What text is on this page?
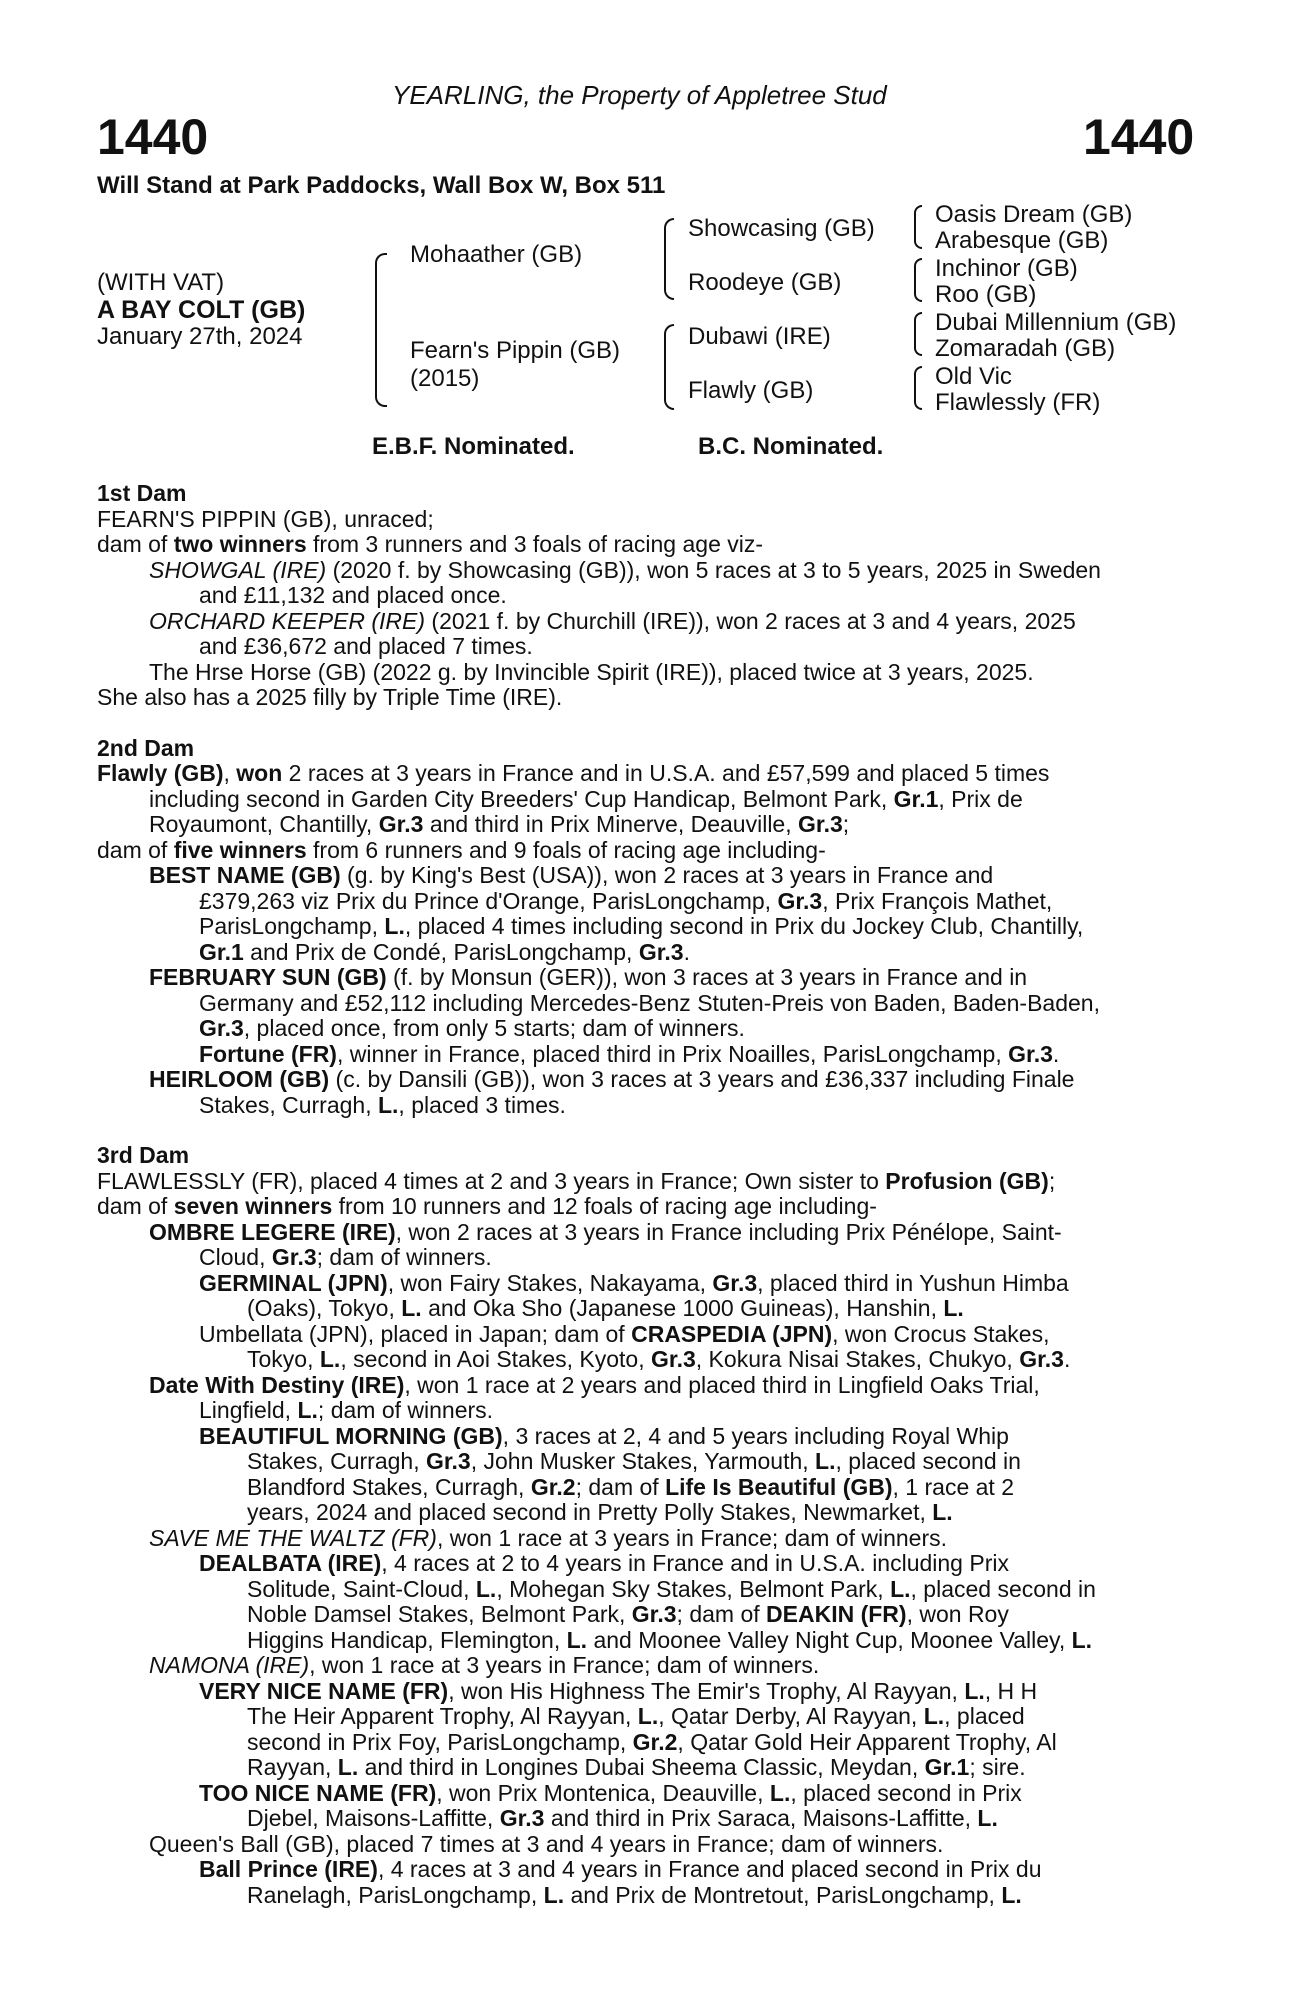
YEARLING, the Property of Appletree Stud
1440	1440
Will Stand at Park Paddocks, Wall Box W, Box 511
(WITH VAT)
A BAY COLT (GB)
January 27th, 2024
Mohaather (GB)
Fearn's Pippin (GB)
(2015)
Showcasing (GB)
Roodeye (GB)
Dubawi (IRE)
Flawly (GB)
Oasis Dream (GB)
Arabesque (GB)
Inchinor (GB)
Roo (GB)
Dubai Millennium (GB)
Zomaradah (GB)
Old Vic
Flawlessly (FR)
E.B.F. Nominated.	B.C. Nominated.
1st Dam
FEARN'S PIPPIN (GB), unraced;
dam of two winners from 3 runners and 3 foals of racing age viz-
SHOWGAL (IRE) (2020 f. by Showcasing (GB)), won 5 races at 3 to 5 years, 2025 in Sweden
and £11,132 and placed once.
ORCHARD KEEPER (IRE) (2021 f. by Churchill (IRE)), won 2 races at 3 and 4 years, 2025
and £36,672 and placed 7 times.
The Hrse Horse (GB) (2022 g. by Invincible Spirit (IRE)), placed twice at 3 years, 2025.
She also has a 2025 filly by Triple Time (IRE).
2nd Dam
Flawly (GB), won 2 races at 3 years in France and in U.S.A. and £57,599 and placed 5 times
including second in Garden City Breeders' Cup Handicap, Belmont Park, Gr.1, Prix de
Royaumont, Chantilly, Gr.3 and third in Prix Minerve, Deauville, Gr.3;
dam of five winners from 6 runners and 9 foals of racing age including-
BEST NAME (GB) (g. by King's Best (USA)), won 2 races at 3 years in France and
£379,263 viz Prix du Prince d'Orange, ParisLongchamp, Gr.3, Prix François Mathet,
ParisLongchamp, L., placed 4 times including second in Prix du Jockey Club, Chantilly,
Gr.1 and Prix de Condé, ParisLongchamp, Gr.3.
FEBRUARY SUN (GB) (f. by Monsun (GER)), won 3 races at 3 years in France and in
Germany and £52,112 including Mercedes-Benz Stuten-Preis von Baden, Baden-Baden,
Gr.3, placed once, from only 5 starts; dam of winners.
Fortune (FR), winner in France, placed third in Prix Noailles, ParisLongchamp, Gr.3.
HEIRLOOM (GB) (c. by Dansili (GB)), won 3 races at 3 years and £36,337 including Finale
Stakes, Curragh, L., placed 3 times.
3rd Dam
FLAWLESSLY (FR), placed 4 times at 2 and 3 years in France; Own sister to Profusion (GB);
dam of seven winners from 10 runners and 12 foals of racing age including-
OMBRE LEGERE (IRE), won 2 races at 3 years in France including Prix Pénélope, Saint-
Cloud, Gr.3; dam of winners.
GERMINAL (JPN), won Fairy Stakes, Nakayama, Gr.3, placed third in Yushun Himba
(Oaks), Tokyo, L. and Oka Sho (Japanese 1000 Guineas), Hanshin, L.
Umbellata (JPN), placed in Japan; dam of CRASPEDIA (JPN), won Crocus Stakes,
Tokyo, L., second in Aoi Stakes, Kyoto, Gr.3, Kokura Nisai Stakes, Chukyo, Gr.3.
Date With Destiny (IRE), won 1 race at 2 years and placed third in Lingfield Oaks Trial,
Lingfield, L.; dam of winners.
BEAUTIFUL MORNING (GB), 3 races at 2, 4 and 5 years including Royal Whip
Stakes, Curragh, Gr.3, John Musker Stakes, Yarmouth, L., placed second in
Blandford Stakes, Curragh, Gr.2; dam of Life Is Beautiful (GB), 1 race at 2
years, 2024 and placed second in Pretty Polly Stakes, Newmarket, L.
SAVE ME THE WALTZ (FR), won 1 race at 3 years in France; dam of winners.
DEALBATA (IRE), 4 races at 2 to 4 years in France and in U.S.A. including Prix
Solitude, Saint-Cloud, L., Mohegan Sky Stakes, Belmont Park, L., placed second in
Noble Damsel Stakes, Belmont Park, Gr.3; dam of DEAKIN (FR), won Roy
Higgins Handicap, Flemington, L. and Moonee Valley Night Cup, Moonee Valley, L.
NAMONA (IRE), won 1 race at 3 years in France; dam of winners.
VERY NICE NAME (FR), won His Highness The Emir's Trophy, Al Rayyan, L., H H
The Heir Apparent Trophy, Al Rayyan, L., Qatar Derby, Al Rayyan, L., placed
second in Prix Foy, ParisLongchamp, Gr.2, Qatar Gold Heir Apparent Trophy, Al
Rayyan, L. and third in Longines Dubai Sheema Classic, Meydan, Gr.1; sire.
TOO NICE NAME (FR), won Prix Montenica, Deauville, L., placed second in Prix
Djebel, Maisons-Laffitte, Gr.3 and third in Prix Saraca, Maisons-Laffitte, L.
Queen's Ball (GB), placed 7 times at 3 and 4 years in France; dam of winners.
Ball Prince (IRE), 4 races at 3 and 4 years in France and placed second in Prix du
Ranelagh, ParisLongchamp, L. and Prix de Montretout, ParisLongchamp, L.
